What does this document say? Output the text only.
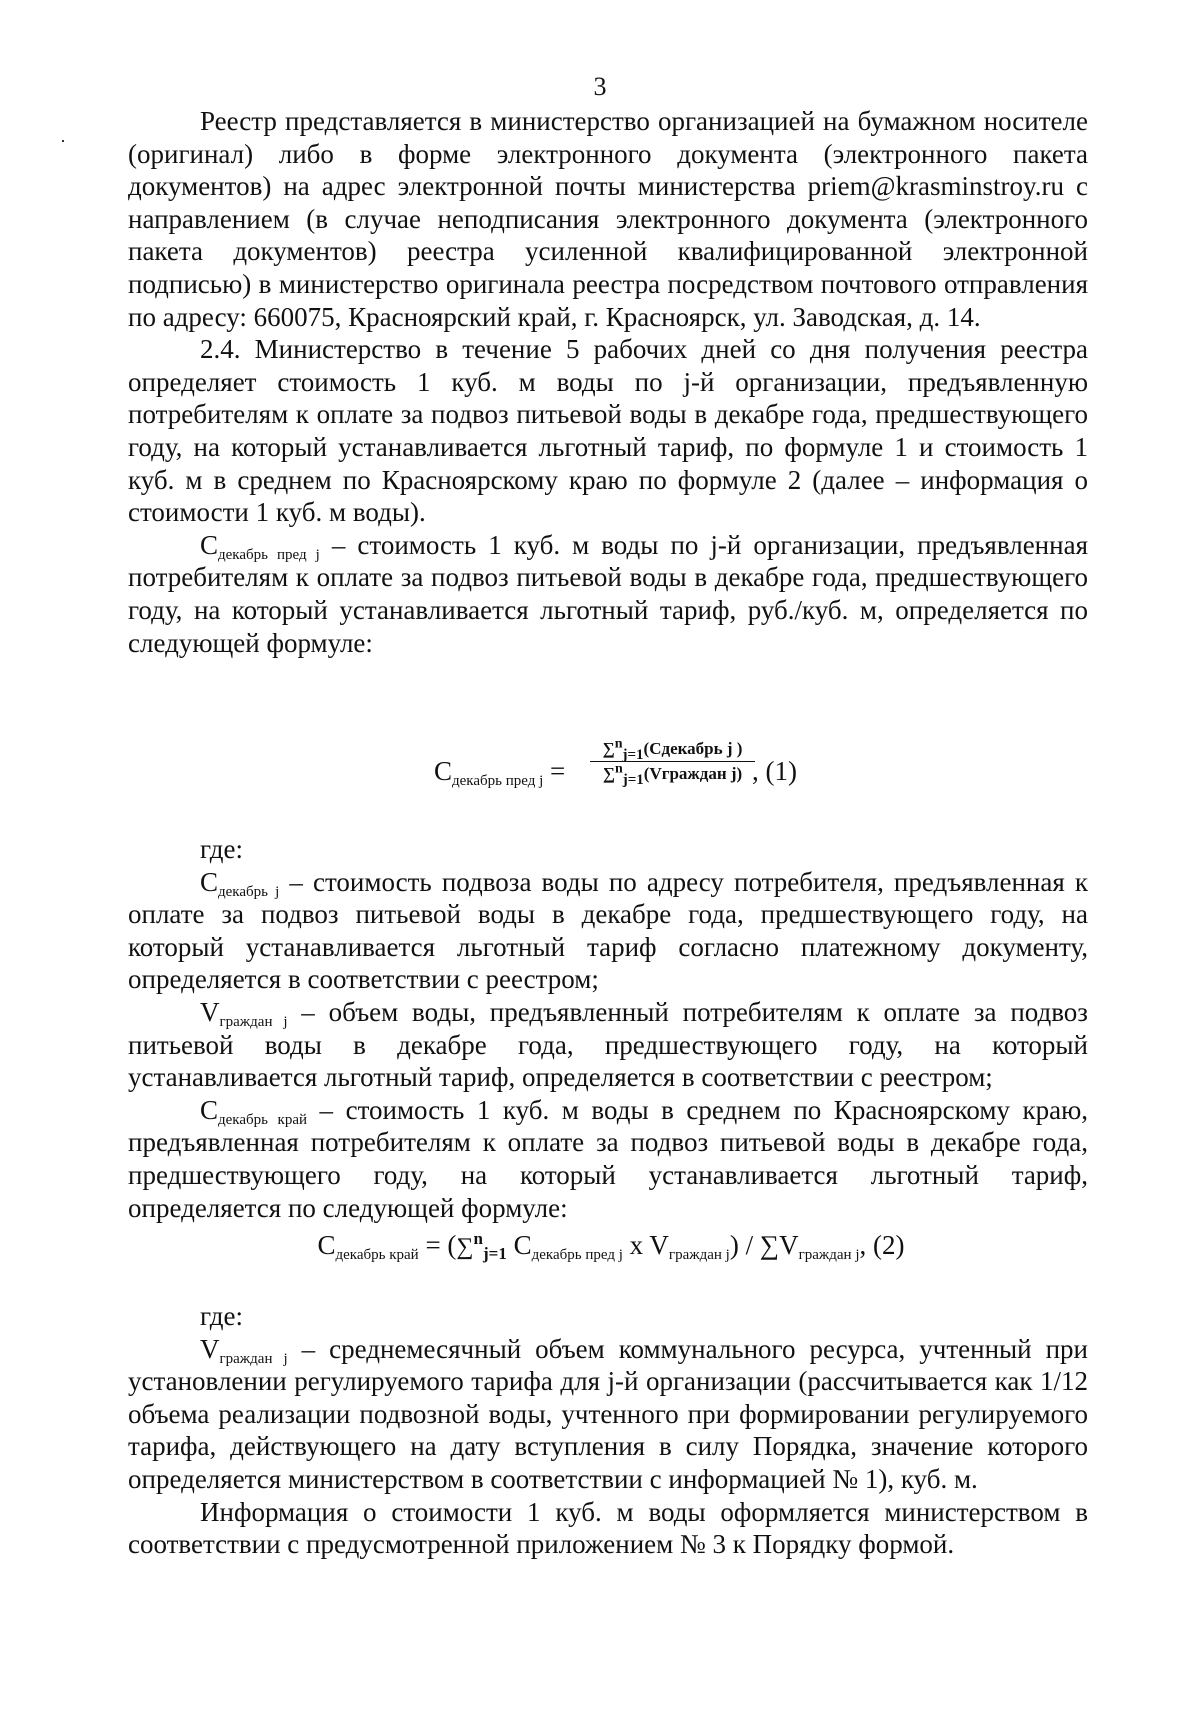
3

Реестр представляется в министерство организацией на бумажном носителе (оригинал) либо в форме электронного документа (электронного пакета документов) на адрес электронной почты министерства priem@krasminstroy.ru с направлением (в случае неподписания электронного документа (электронного пакета документов) реестра усиленной квалифицированной электронной подписью) в министерство оригинала реестра посредством почтового отправления по адресу: 660075, Красноярский край, г. Красноярск, ул. Заводская, д. 14.

2.4. Министерство в течение 5 рабочих дней со дня получения реестра определяет стоимость 1 куб. м воды по j-й организации, предъявленную потребителям к оплате за подвоз питьевой воды в декабре года, предшествующего году, на который устанавливается льготный тариф, по формуле 1 и стоимость 1 куб. м в среднем по Красноярскому краю по формуле 2 (далее – информация о стоимости 1 куб. м воды).

$С_{декабрь пред j}$ – стоимость 1 куб. м воды по j-й организации, предъявленная потребителям к оплате за подвоз питьевой воды в декабре года, предшествующего году, на который устанавливается льготный тариф, руб./куб. м, определяется по следующей формуле:

$С_{декабрь пред j}$ =
∑$^n_{j=1}$(Сдекабрь j )
∑$^n_{j=1}$(Vграждан j) , (1)

где:

$С_{декабрь j}$ – стоимость подвоза воды по адресу потребителя, предъявленная к оплате за подвоз питьевой воды в декабре года, предшествующего году, на который устанавливается льготный тариф согласно платежному документу, определяется в соответствии с реестром;

$V_{граждан j}$ – объем воды, предъявленный потребителям к оплате за подвоз питьевой воды в декабре года, предшествующего году, на который устанавливается льготный тариф, определяется в соответствии с реестром;

$С_{декабрь край}$ – стоимость 1 куб. м воды в среднем по Красноярскому краю, предъявленная потребителям к оплате за подвоз питьевой воды в декабре года, предшествующего году, на который устанавливается льготный тариф, определяется по следующей формуле:

$С_{декабрь край} = (\sum^n_{j=1}$ $С_{декабрь пред j}$ x $V_{граждан j}) / \sum V_{граждан j}$, (2)

где:

$V_{граждан j}$ – среднемесячный объем коммунального ресурса, учтенный при установлении регулируемого тарифа для j-й организации (рассчитывается как 1/12 объема реализации подвозной воды, учтенного при формировании регулируемого тарифа, действующего на дату вступления в силу Порядка, значение которого определяется министерством в соответствии с информацией № 1), куб. м.

Информация о стоимости 1 куб. м воды оформляется министерством в соответствии с предусмотренной приложением № 3 к Порядку формой.
